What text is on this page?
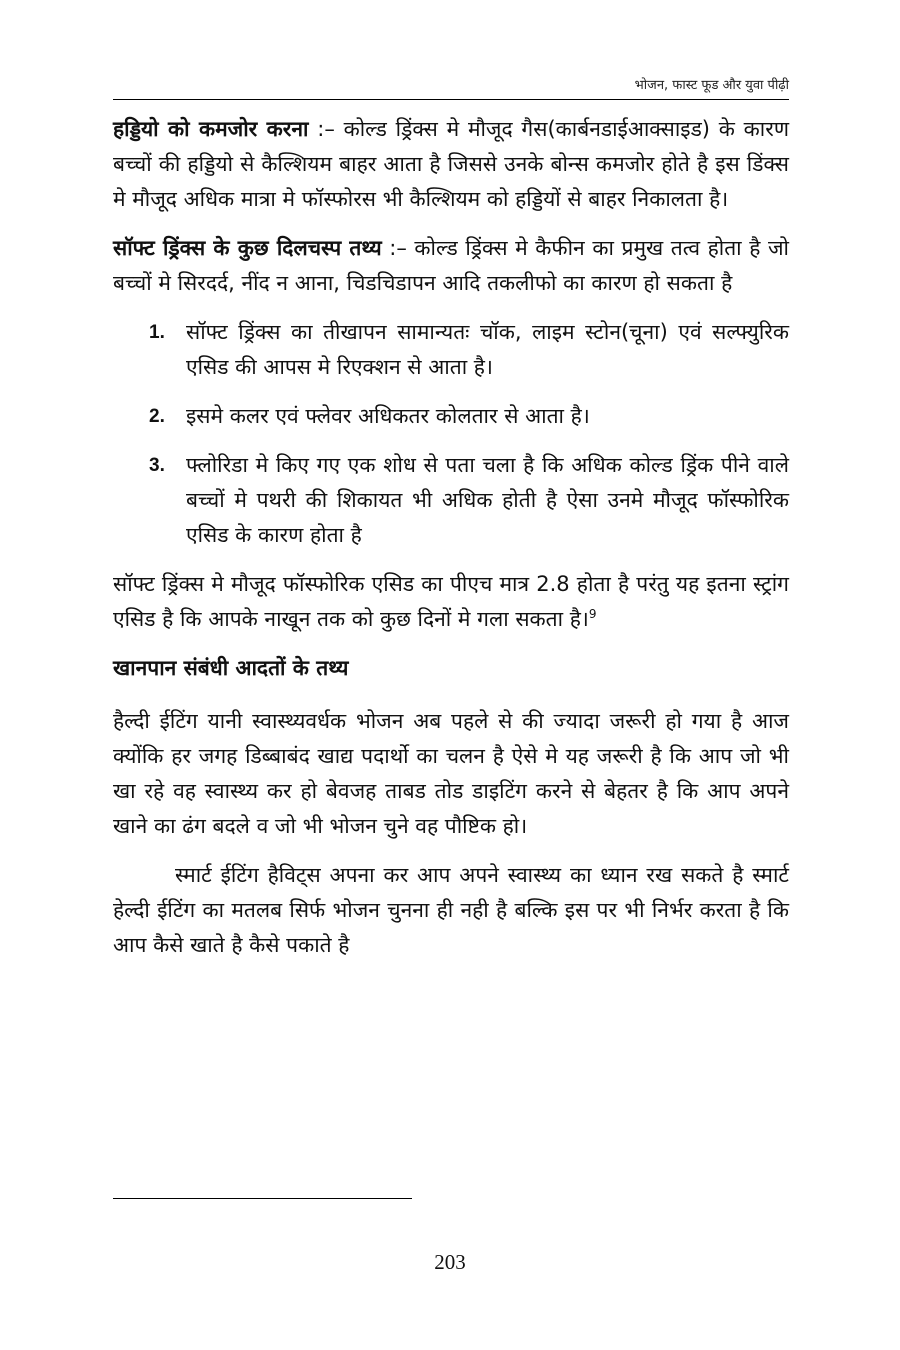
भोजन, फास्ट फूड और युवा पीढ़ी

हड्डियो को कमजोर करना :– कोल्ड ड्रिंक्स मे मौजूद गैस(कार्बनडाईआक्साइड) के कारण बच्चों की हड्डियो से कैल्शियम बाहर आता है जिससे उनके बोन्स कमजोर होते है इस डिंक्स मे मौजूद अधिक मात्रा मे फॉस्फोरस भी कैल्शियम को हड्डियों से बाहर निकालता है।

सॉफ्ट ड्रिंक्स के कुछ दिलचस्प तथ्य :– कोल्ड ड्रिंक्स मे कैफीन का प्रमुख तत्व होता है जो बच्चों मे सिरदर्द, नींद न आना, चिडचिडापन आदि तकलीफो का कारण हो सकता है

1. सॉफ्ट ड्रिंक्स का तीखापन सामान्यतः चॉक, लाइम स्टोन(चूना) एवं सल्फ्युरिक एसिड की आपस मे रिएक्शन से आता है।
2. इसमे कलर एवं फ्लेवर अधिकतर कोलतार से आता है।
3. फ्लोरिडा मे किए गए एक शोध से पता चला है कि अधिक कोल्ड ड्रिंक पीने वाले बच्चों मे पथरी की शिकायत भी अधिक होती है ऐसा उनमे मौजूद फॉस्फोरिक एसिड के कारण होता है

सॉफ्ट ड्रिंक्स मे मौजूद फॉस्फोरिक एसिड का पीएच मात्र 2.8 होता है परंतु यह इतना स्ट्रांग एसिड है कि आपके नाखून तक को कुछ दिनों मे गला सकता है।$^9$

खानपान संबंधी आदतों के तथ्य

हैल्दी ईटिंग यानी स्वास्थ्यवर्धक भोजन अब पहले से की ज्यादा जरूरी हो गया है आज क्योंकि हर जगह डिब्बाबंद खाद्य पदार्थो का चलन है ऐसे मे यह जरूरी है कि आप जो भी खा रहे वह स्वास्थ्य कर हो बेवजह ताबड तोड डाइटिंग करने से बेहतर है कि आप अपने खाने का ढंग बदले व जो भी भोजन चुने वह पौष्टिक हो।

स्मार्ट ईटिंग हैविट्स अपना कर आप अपने स्वास्थ्य का ध्यान रख सकते है स्मार्ट हेल्दी ईटिंग का मतलब सिर्फ भोजन चुनना ही नही है बल्कि इस पर भी निर्भर करता है कि आप कैसे खाते है कैसे पकाते है

203
